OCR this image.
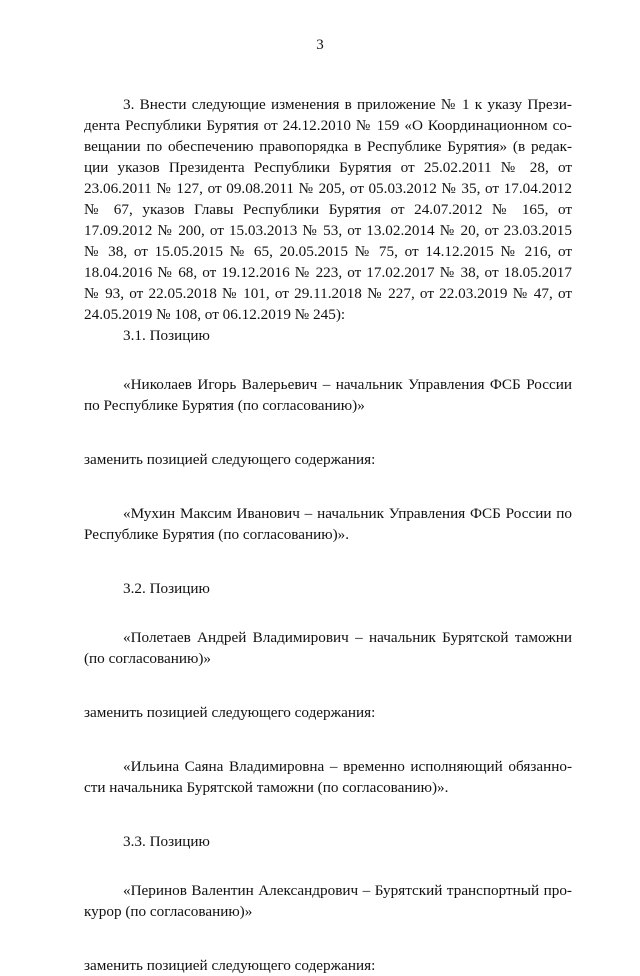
3
3. Внести следующие изменения в приложение № 1 к указу Прези-
дента Республики Бурятия от 24.12.2010 № 159 «О Координационном со-
вещании по обеспечению правопорядка в Республике Бурятия» (в редак-
ции указов Президента Республики Бурятия от 25.02.2011 № 28, от
23.06.2011 № 127, от 09.08.2011 № 205, от 05.03.2012 № 35, от 17.04.2012
№ 67, указов Главы Республики Бурятия от 24.07.2012 № 165, от
17.09.2012 № 200, от 15.03.2013 № 53, от 13.02.2014 № 20, от 23.03.2015
№ 38, от 15.05.2015 № 65, 20.05.2015 № 75, от 14.12.2015 № 216, от
18.04.2016 № 68, от 19.12.2016 № 223, от 17.02.2017 № 38, от 18.05.2017
№ 93, от 22.05.2018 № 101, от 29.11.2018 № 227, от 22.03.2019 № 47, от
24.05.2019 № 108, от 06.12.2019 № 245):
3.1. Позицию
«Николаев Игорь Валерьевич – начальник Управления ФСБ России
по Республике Бурятия (по согласованию)»
заменить позицией следующего содержания:
«Мухин Максим Иванович – начальник Управления ФСБ России по
Республике Бурятия (по согласованию)».
3.2. Позицию
«Полетаев Андрей Владимирович – начальник Бурятской таможни
(по согласованию)»
заменить позицией следующего содержания:
«Ильина Саяна Владимировна – временно исполняющий обязанно-
сти начальника Бурятской таможни (по согласованию)».
3.3. Позицию
«Перинов Валентин Александрович – Бурятский транспортный про-
курор (по согласованию)»
заменить позицией следующего содержания:
